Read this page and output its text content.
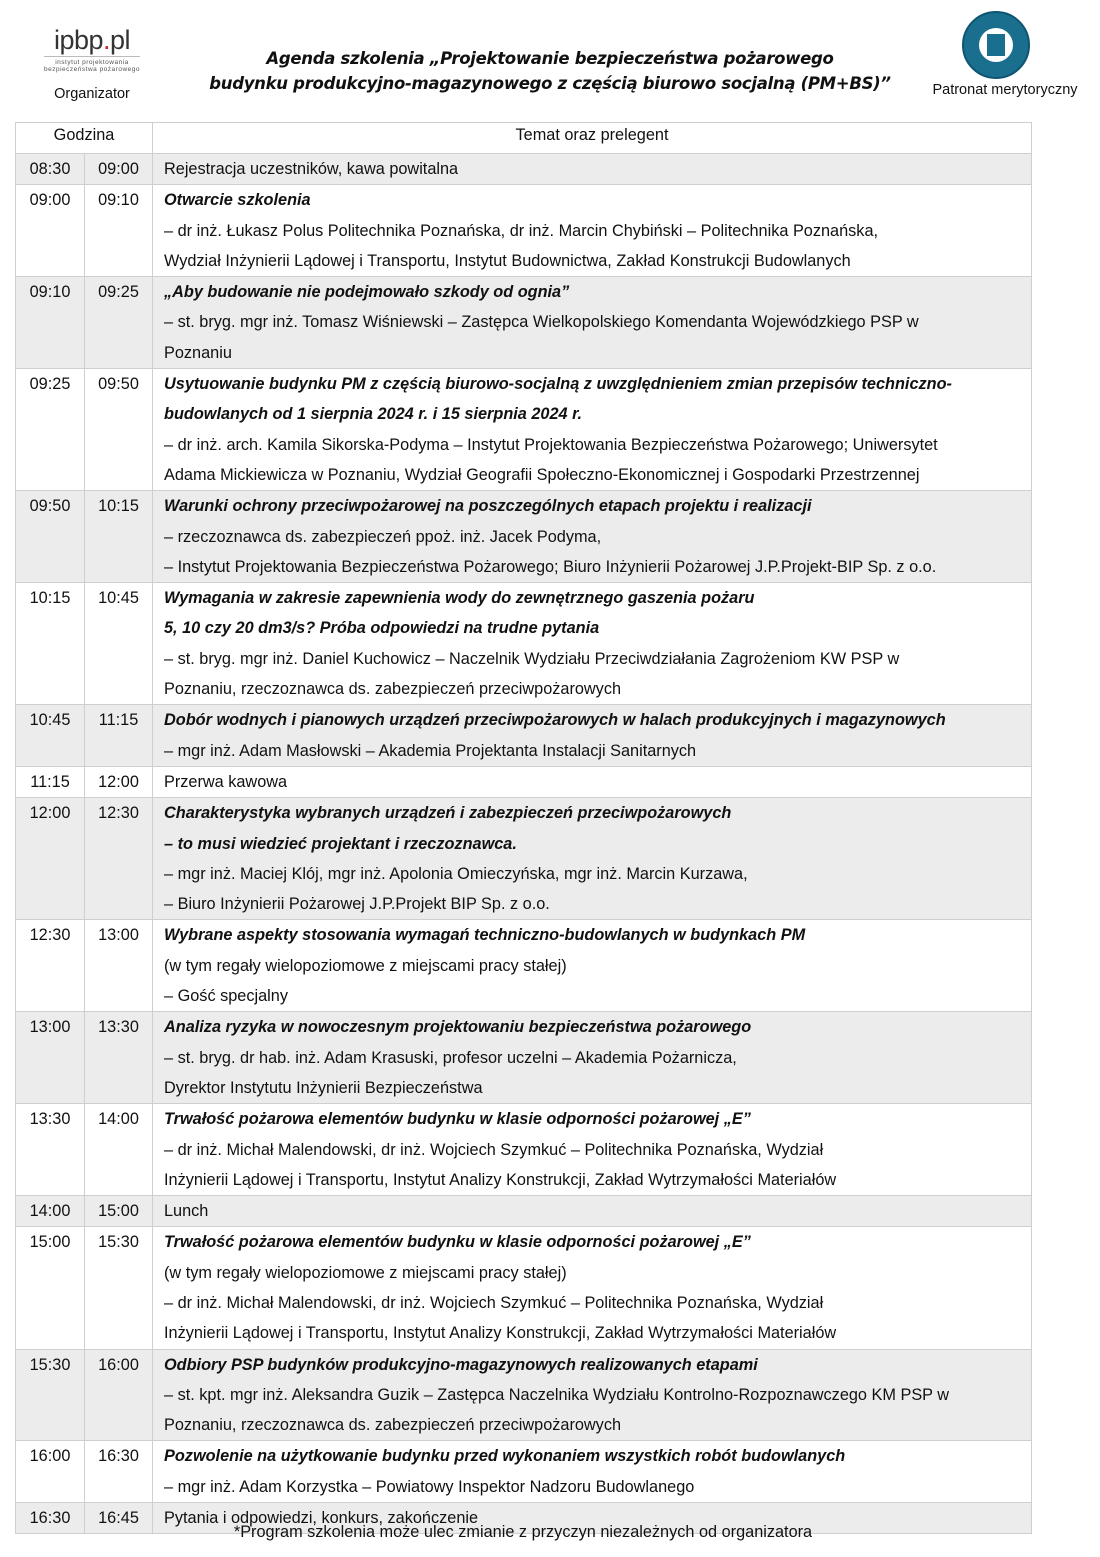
ipbp.pl
instytut projektowania bezpieczeństwa pożarowego
Organizator
Agenda szkolenia „Projektowanie bezpieczeństwa pożarowego
budynku produkcyjno-magazynowego z częścią biurowo socjalną (PM+BS)”	Patronat merytoryczny
Godzina		Temat oraz prelegent
08:30	09:00	Rejestracja uczestników, kawa powitalna

09:00	09:10	Otwarcie szkolenia
– dr inż. Łukasz Polus Politechnika Poznańska, dr inż. Marcin Chybiński – Politechnika Poznańska,
Wydział Inżynierii Lądowej i Transportu, Instytut Budownictwa, Zakład Konstrukcji Budowlanych

09:10	09:25	„Aby budowanie nie podejmowało szkody od ognia”
– st. bryg. mgr inż. Tomasz Wiśniewski – Zastępca Wielkopolskiego Komendanta Wojewódzkiego PSP w
Poznaniu

09:25	09:50	Usytuowanie budynku PM z częścią biurowo-socjalną z uwzględnieniem zmian przepisów techniczno-
budowlanych od 1 sierpnia 2024 r. i 15 sierpnia 2024 r.
– dr inż. arch. Kamila Sikorska-Podyma – Instytut Projektowania Bezpieczeństwa Pożarowego; Uniwersytet
Adama Mickiewicza w Poznaniu, Wydział Geografii Społeczno-Ekonomicznej i Gospodarki Przestrzennej

09:50	10:15	Warunki ochrony przeciwpożarowej na poszczególnych etapach projektu i realizacji
– rzeczoznawca ds. zabezpieczeń ppoż. inż. Jacek Podyma,
– Instytut Projektowania Bezpieczeństwa Pożarowego; Biuro Inżynierii Pożarowej J.P.Projekt-BIP Sp. z o.o.

10:15	10:45	Wymagania w zakresie zapewnienia wody do zewnętrznego gaszenia pożaru
5, 10 czy 20 dm3/s? Próba odpowiedzi na trudne pytania
– st. bryg. mgr inż. Daniel Kuchowicz – Naczelnik Wydziału Przeciwdziałania Zagrożeniom KW PSP w
Poznaniu, rzeczoznawca ds. zabezpieczeń przeciwpożarowych

10:45	11:15	Dobór wodnych i pianowych urządzeń przeciwpożarowych w halach produkcyjnych i magazynowych
– mgr inż. Adam Masłowski – Akademia Projektanta Instalacji Sanitarnych

11:15	12:00	Przerwa kawowa

12:00	12:30	Charakterystyka wybranych urządzeń i zabezpieczeń przeciwpożarowych
– to musi wiedzieć projektant i rzeczoznawca.
– mgr inż. Maciej Klój, mgr inż. Apolonia Omieczyńska, mgr inż. Marcin Kurzawa,
– Biuro Inżynierii Pożarowej J.P.Projekt BIP Sp. z o.o.

12:30	13:00	Wybrane aspekty stosowania wymagań techniczno-budowlanych w budynkach PM
(w tym regały wielopoziomowe z miejscami pracy stałej)
– Gość specjalny

13:00	13:30	Analiza ryzyka w nowoczesnym projektowaniu bezpieczeństwa pożarowego
– st. bryg. dr hab. inż. Adam Krasuski, profesor uczelni – Akademia Pożarnicza,
Dyrektor Instytutu Inżynierii Bezpieczeństwa

13:30	14:00	Trwałość pożarowa elementów budynku w klasie odporności pożarowej „E”
– dr inż. Michał Malendowski, dr inż. Wojciech Szymkuć – Politechnika Poznańska, Wydział
Inżynierii Lądowej i Transportu, Instytut Analizy Konstrukcji, Zakład Wytrzymałości Materiałów

14:00	15:00	Lunch

15:00	15:30	Trwałość pożarowa elementów budynku w klasie odporności pożarowej „E”
(w tym regały wielopoziomowe z miejscami pracy stałej)
– dr inż. Michał Malendowski, dr inż. Wojciech Szymkuć – Politechnika Poznańska, Wydział
Inżynierii Lądowej i Transportu, Instytut Analizy Konstrukcji, Zakład Wytrzymałości Materiałów

15:30	16:00	Odbiory PSP budynków produkcyjno-magazynowych realizowanych etapami
– st. kpt. mgr inż. Aleksandra Guzik – Zastępca Naczelnika Wydziału Kontrolno-Rozpoznawczego KM PSP w
Poznaniu, rzeczoznawca ds. zabezpieczeń przeciwpożarowych

16:00	16:30	Pozwolenie na użytkowanie budynku przed wykonaniem wszystkich robót budowlanych
– mgr inż. Adam Korzystka – Powiatowy Inspektor Nadzoru Budowlanego

16:30	16:45	Pytania i odpowiedzi, konkurs, zakończenie
*Program szkolenia może ulec zmianie z przyczyn niezależnych od organizatora
